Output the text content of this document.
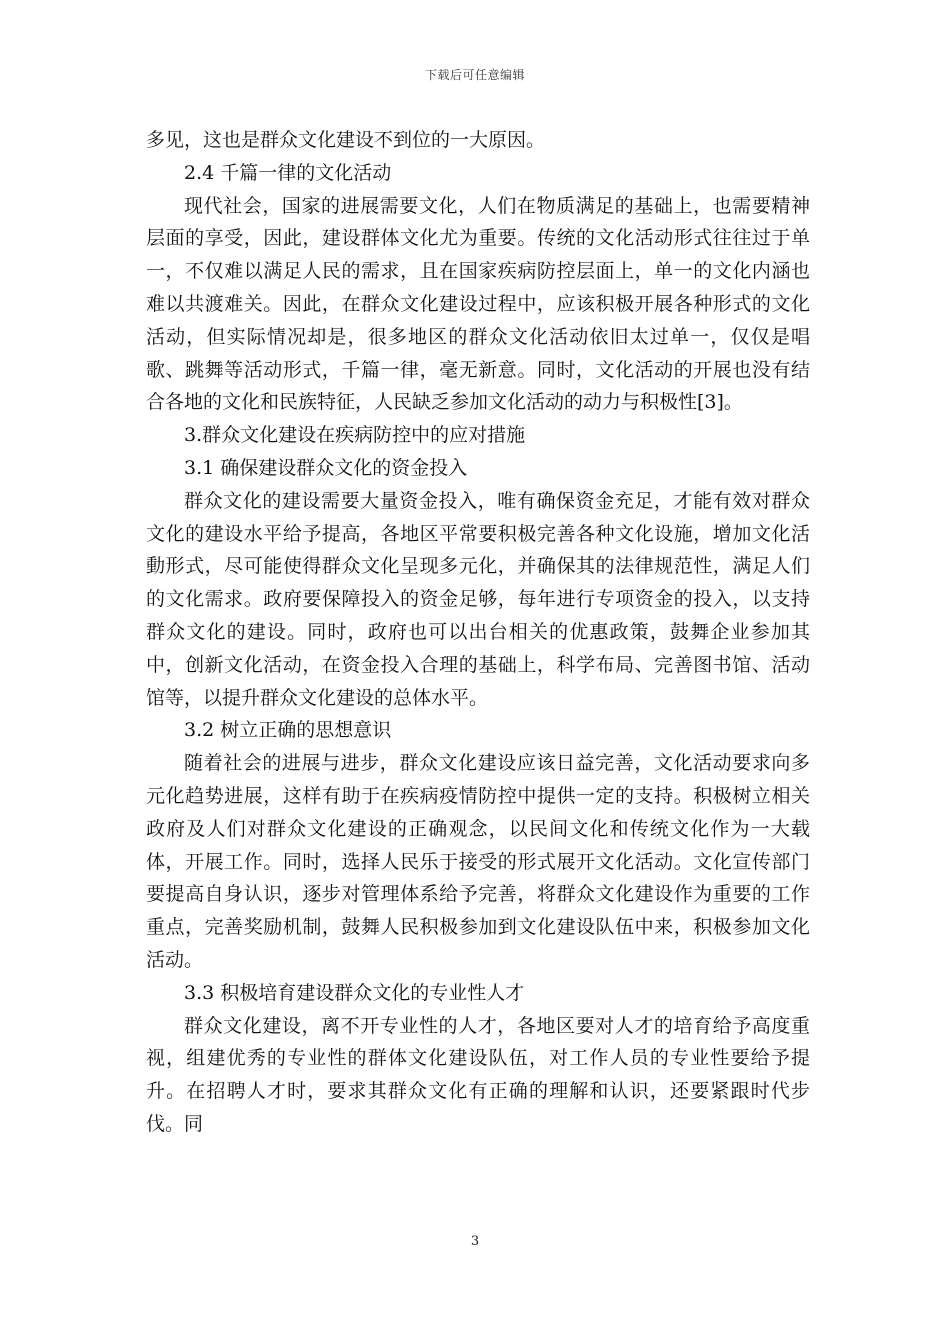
下载后可任意编辑

多见，这也是群众文化建设不到位的一大原因。

2.4 千篇一律的文化活动

现代社会，国家的进展需要文化，人们在物质满足的基础上，也需要精神层面的享受，因此，建设群体文化尤为重要。传统的文化活动形式往往过于单一，不仅难以满足人民的需求，且在国家疾病防控层面上，单一的文化内涵也难以共渡难关。因此，在群众文化建设过程中，应该积极开展各种形式的文化活动，但实际情况却是，很多地区的群众文化活动依旧太过单一，仅仅是唱歌、跳舞等活动形式，千篇一律，毫无新意。同时，文化活动的开展也没有结合各地的文化和民族特征，人民缺乏参加文化活动的动力与积极性[3]。

3.群众文化建设在疾病防控中的应对措施

3.1 确保建设群众文化的资金投入

群众文化的建设需要大量资金投入，唯有确保资金充足，才能有效对群众文化的建设水平给予提高，各地区平常要积极完善各种文化设施，增加文化活動形式，尽可能使得群众文化呈现多元化，并确保其的法律规范性，满足人们的文化需求。政府要保障投入的资金足够，每年进行专项资金的投入，以支持群众文化的建设。同时，政府也可以出台相关的优惠政策，鼓舞企业参加其中，创新文化活动，在资金投入合理的基础上，科学布局、完善图书馆、活动馆等，以提升群众文化建设的总体水平。

3.2 树立正确的思想意识

随着社会的进展与进步，群众文化建设应该日益完善，文化活动要求向多元化趋势进展，这样有助于在疾病疫情防控中提供一定的支持。积极树立相关政府及人们对群众文化建设的正确观念，以民间文化和传统文化作为一大载体，开展工作。同时，选择人民乐于接受的形式展开文化活动。文化宣传部门要提高自身认识，逐步对管理体系给予完善，将群众文化建设作为重要的工作重点，完善奖励机制，鼓舞人民积极参加到文化建设队伍中来，积极参加文化活动。

3.3 积极培育建设群众文化的专业性人才

群众文化建设，离不开专业性的人才，各地区要对人才的培育给予高度重视，组建优秀的专业性的群体文化建设队伍，对工作人员的专业性要给予提升。在招聘人才时，要求其群众文化有正确的理解和认识，还要紧跟时代步伐。同

3
